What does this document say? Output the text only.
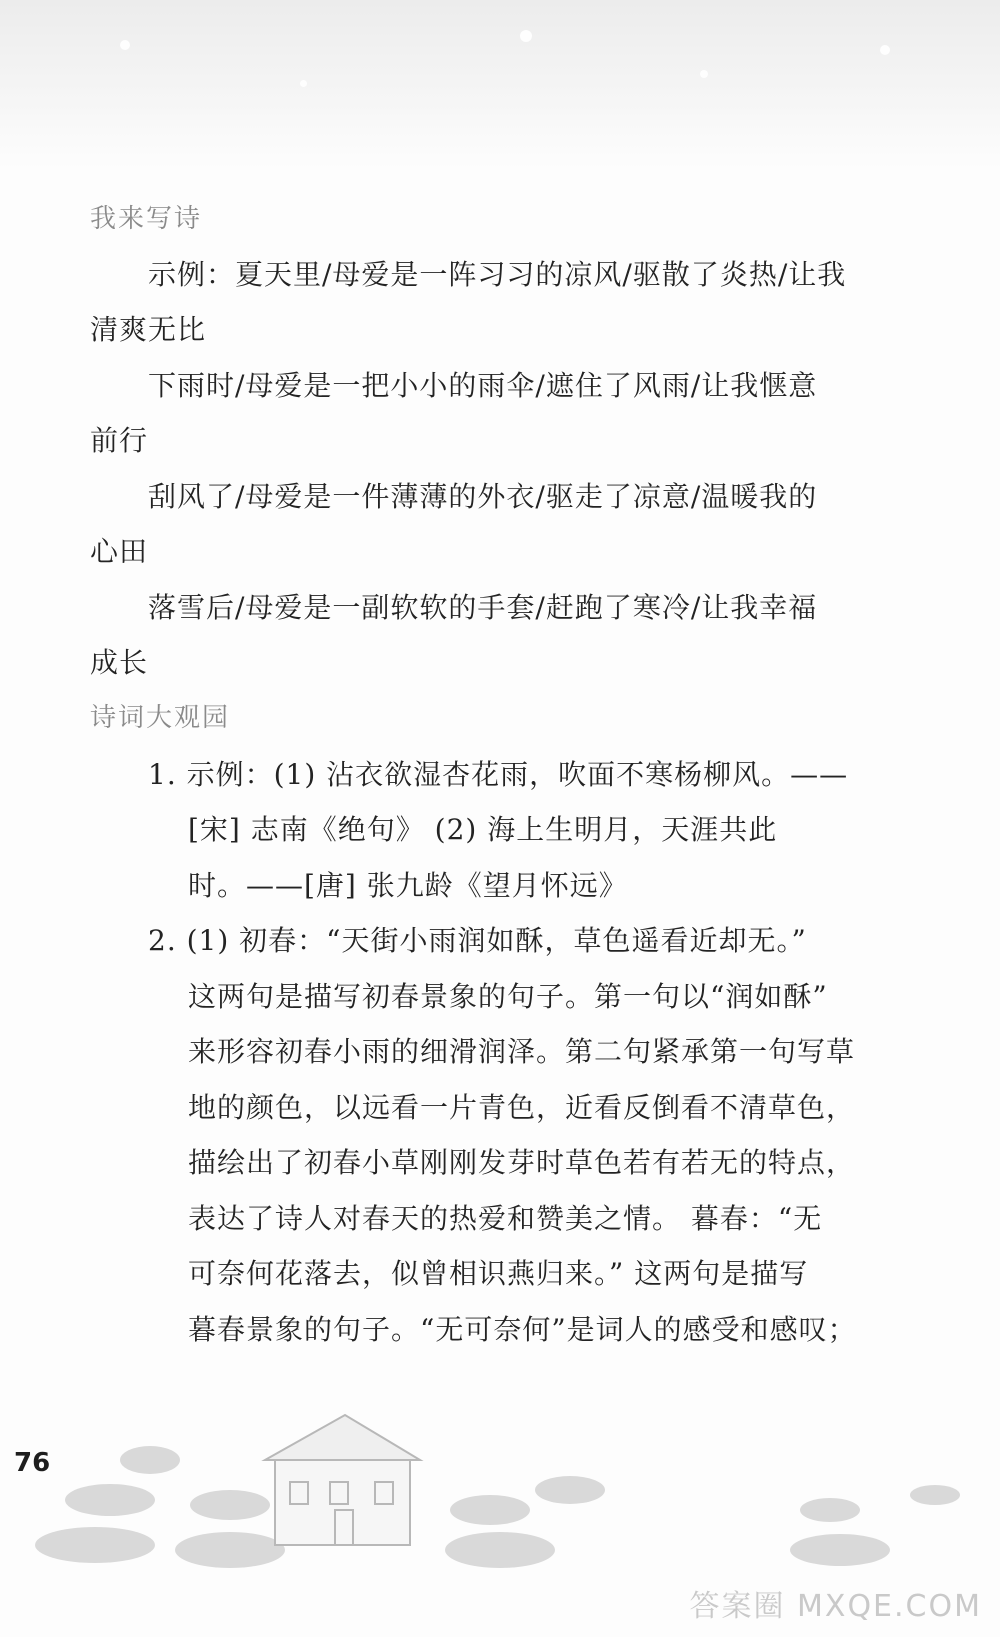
我来写诗
示例：夏天里/母爱是一阵习习的凉风/驱散了炎热/让我
清爽无比
下雨时/母爱是一把小小的雨伞/遮住了风雨/让我惬意
前行
刮风了/母爱是一件薄薄的外衣/驱走了凉意/温暖我的
心田
落雪后/母爱是一副软软的手套/赶跑了寒冷/让我幸福
成长
诗词大观园
1. 示例：(1) 沾衣欲湿杏花雨，吹面不寒杨柳风。——
[宋] 志南《绝句》 (2) 海上生明月，天涯共此
时。——[唐] 张九龄《望月怀远》
2. (1) 初春：“天街小雨润如酥，草色遥看近却无。”
这两句是描写初春景象的句子。第一句以“润如酥”
来形容初春小雨的细滑润泽。第二句紧承第一句写草
地的颜色，以远看一片青色，近看反倒看不清草色，
描绘出了初春小草刚刚发芽时草色若有若无的特点，
表达了诗人对春天的热爱和赞美之情。 暮春：“无
可奈何花落去，似曾相识燕归来。” 这两句是描写
暮春景象的句子。“无可奈何”是词人的感受和感叹；
76
答案圈 MXQE.COM
